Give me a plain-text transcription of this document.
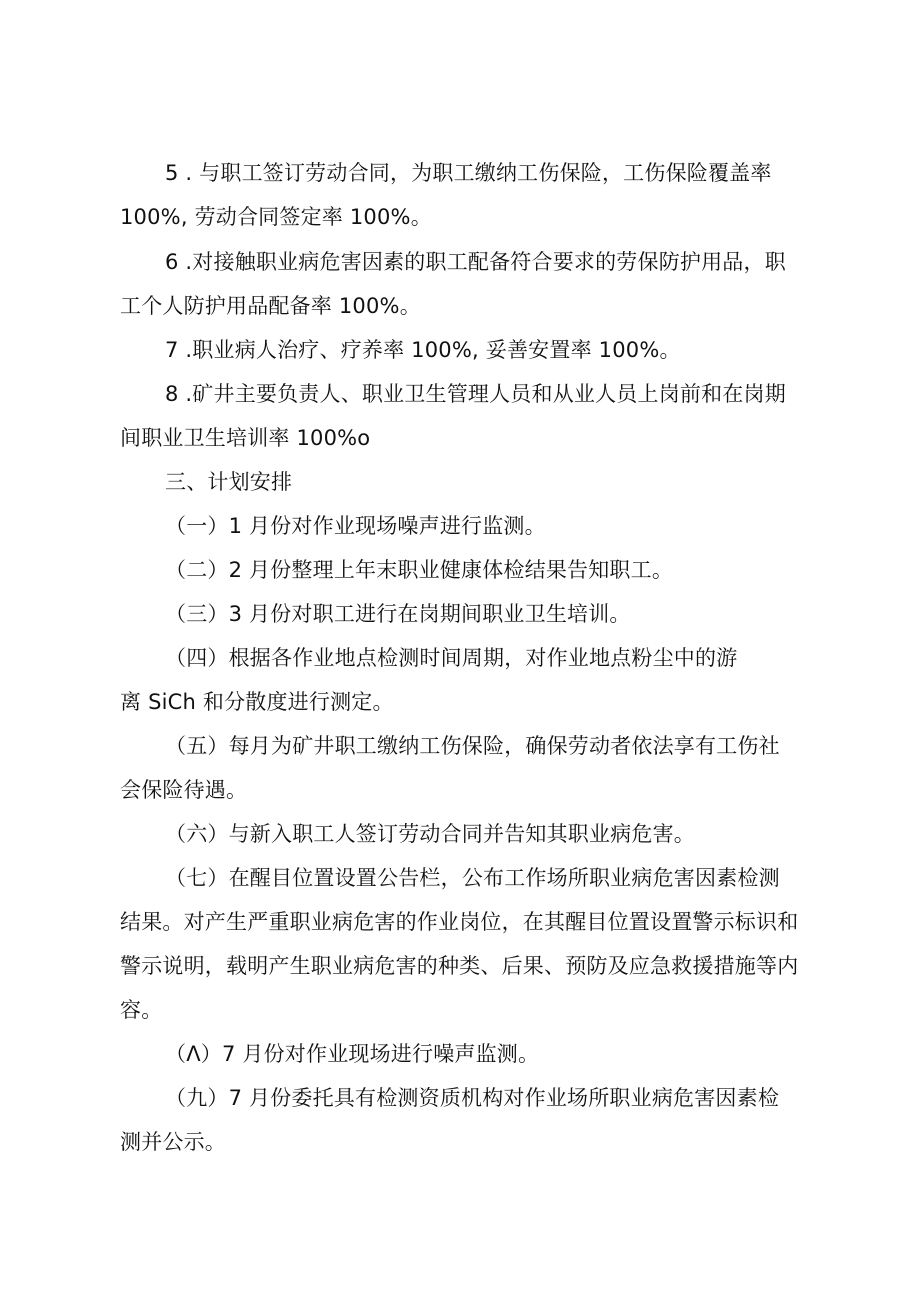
5 . 与职工签订劳动合同，为职工缴纳工伤保险，工伤保险覆盖率
100%, 劳动合同签定率 100%。
6 .对接触职业病危害因素的职工配备符合要求的劳保防护用品，职
工个人防护用品配备率 100%。
7 .职业病人治疗、疗养率 100%, 妥善安置率 100%。
8 .矿井主要负责人、职业卫生管理人员和从业人员上岗前和在岗期
间职业卫生培训率 100%o
三、计划安排
（一）1 月份对作业现场噪声进行监测。
（二）2 月份整理上年末职业健康体检结果告知职工。
（三）3 月份对职工进行在岗期间职业卫生培训。
（四）根据各作业地点检测时间周期，对作业地点粉尘中的游
离 SiCh 和分散度进行测定。
（五）每月为矿井职工缴纳工伤保险，确保劳动者依法享有工伤社
会保险待遇。
（六）与新入职工人签订劳动合同并告知其职业病危害。
（七）在醒目位置设置公告栏，公布工作场所职业病危害因素检测
结果。对产生严重职业病危害的作业岗位，在其醒目位置设置警示标识和
警示说明，载明产生职业病危害的种类、后果、预防及应急救援措施等内
容。
（Λ）7 月份对作业现场进行噪声监测。
（九）7 月份委托具有检测资质机构对作业场所职业病危害因素检
测并公示。
